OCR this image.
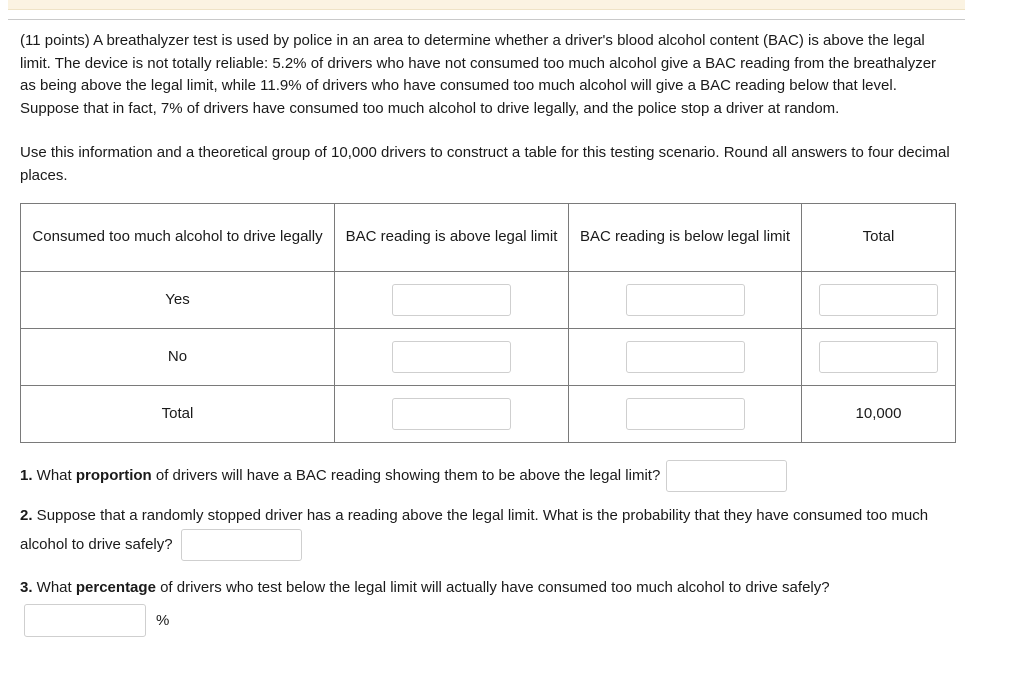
(11 points) A breathalyzer test is used by police in an area to determine whether a driver's blood alcohol content (BAC) is above the legal limit. The device is not totally reliable: 5.2% of drivers who have not consumed too much alcohol give a BAC reading from the breathalyzer as being above the legal limit, while 11.9% of drivers who have consumed too much alcohol will give a BAC reading below that level. Suppose that in fact, 7% of drivers have consumed too much alcohol to drive legally, and the police stop a driver at random.

Use this information and a theoretical group of 10,000 drivers to construct a table for this testing scenario. Round all answers to four decimal places.

Consumed too much alcohol to drive legally	BAC reading is above legal limit	BAC reading is below legal limit	Total
Yes			
No			
Total			10,000

1. What proportion of drivers will have a BAC reading showing them to be above the legal limit?

2. Suppose that a randomly stopped driver has a reading above the legal limit. What is the probability that they have consumed too much alcohol to drive safely?

3. What percentage of drivers who test below the legal limit will actually have consumed too much alcohol to drive safely?

%
